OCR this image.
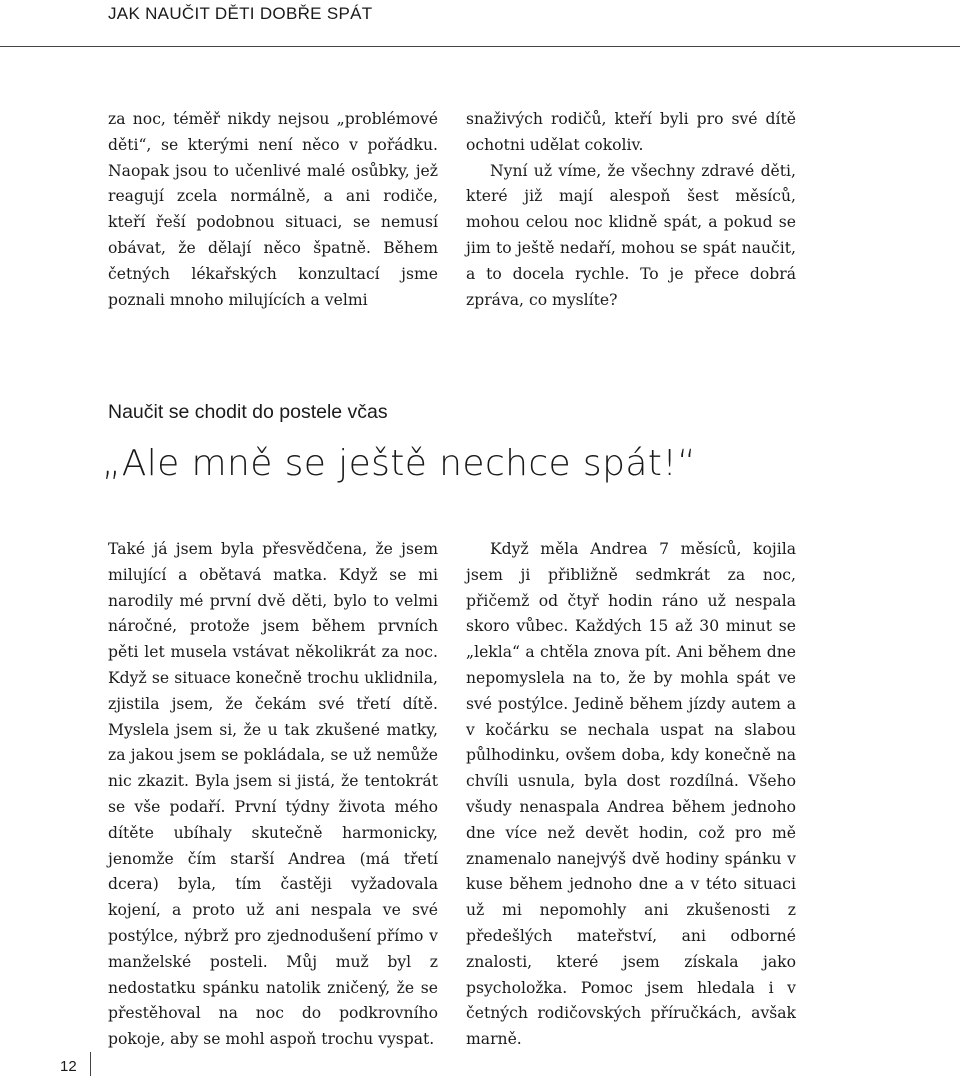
JAK NAUČIT DĚTI DOBŘE SPÁT

za noc, téměř nikdy nejsou „problémové děti“, se kterými není něco v pořádku. Naopak jsou to učenlivé malé osůbky, jež reagují zcela normálně, a ani rodiče, kteří řeší podobnou situaci, se nemusí obávat, že dělají něco špatně. Během četných lékařských konzultací jsme poznali mnoho milujících a velmi

snaživých rodičů, kteří byli pro své dítě ochotni udělat cokoliv.

Nyní už víme, že všechny zdravé děti, které již mají alespoň šest měsíců, mohou celou noc klidně spát, a pokud se jim to ještě nedaří, mohou se spát naučit, a to docela rychle. To je přece dobrá zpráva, co myslíte?

Naučit se chodit do postele včas
„Ale mně se ještě nechce spát!“

Také já jsem byla přesvědčena, že jsem milující a obětavá matka. Když se mi narodily mé první dvě děti, bylo to velmi náročné, protože jsem během prvních pěti let musela vstávat několikrát za noc. Když se situace konečně trochu uklidnila, zjistila jsem, že čekám své třetí dítě. Myslela jsem si, že u tak zkušené matky, za jakou jsem se pokládala, se už nemůže nic zkazit. Byla jsem si jistá, že tentokrát se vše podaří. První týdny života mého dítěte ubíhaly skutečně harmonicky, jenomže čím starší Andrea (má třetí dcera) byla, tím častěji vyžadovala kojení, a proto už ani nespala ve své postýlce, nýbrž pro zjednodušení přímo v manželské posteli. Můj muž byl z nedostatku spánku natolik zničený, že se přestěhoval na noc do podkrovního pokoje, aby se mohl aspoň trochu vyspat.

Když měla Andrea 7 měsíců, kojila jsem ji přibližně sedmkrát za noc, přičemž od čtyř hodin ráno už nespala skoro vůbec. Každých 15 až 30 minut se „lekla“ a chtěla znova pít. Ani během dne nepomyslela na to, že by mohla spát ve své postýlce. Jedině během jízdy autem a v kočárku se nechala uspat na slabou půlhodinku, ovšem doba, kdy konečně na chvíli usnula, byla dost rozdílná. Všeho všudy nenaspala Andrea během jednoho dne více než devět hodin, což pro mě znamenalo nanejvýš dvě hodiny spánku v kuse během jednoho dne a v této situaci už mi nepomohly ani zkušenosti z předešlých mateřství, ani odborné znalosti, které jsem získala jako psycholožka. Pomoc jsem hledala i v četných rodičovských příručkách, avšak marně.

12
